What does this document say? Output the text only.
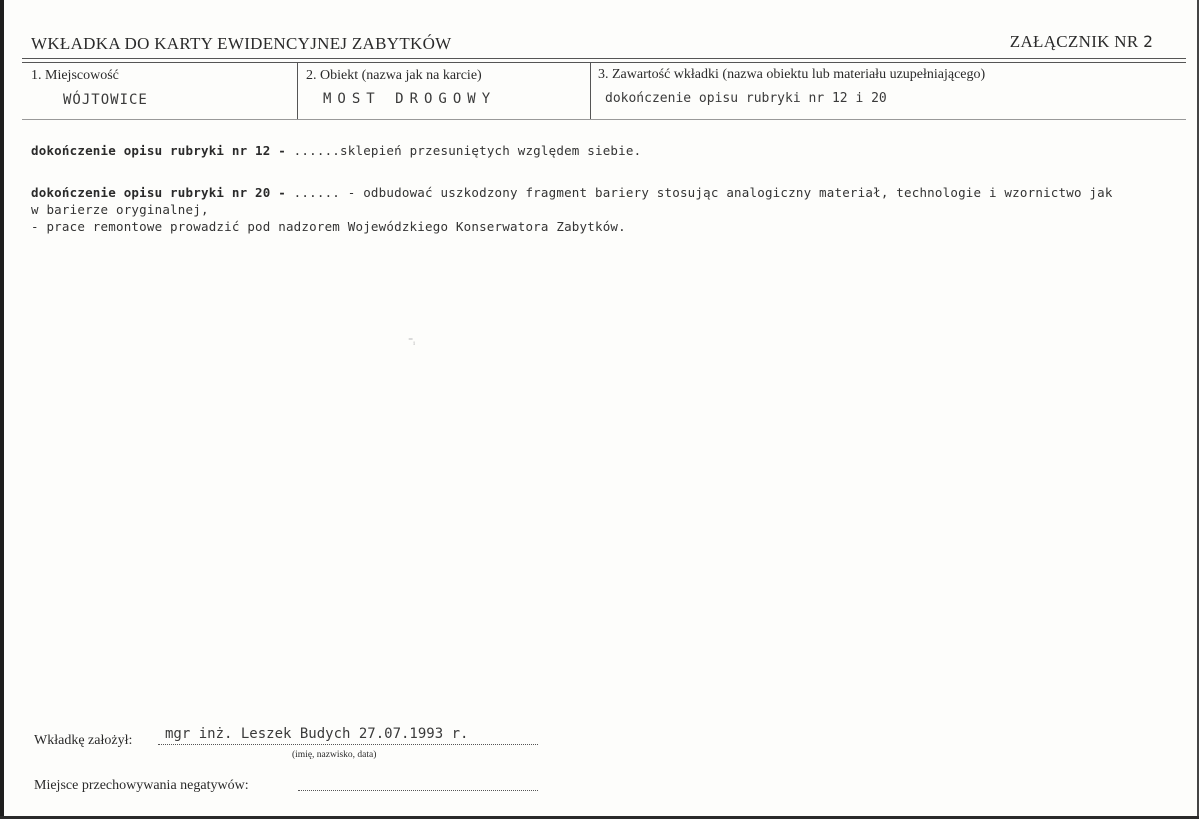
WKŁADKA DO KARTY EWIDENCYJNEJ ZABYTKÓW	ZAŁĄCZNIK NR 2
1. Miejscowość
WÓJTOWICE
2. Obiekt (nazwa jak na karcie)
MOST DROGOWY
3. Zawartość wkładki (nazwa obiektu lub materiału uzupełniającego)
dokończenie opisu rubryki nr 12 i 20
dokończenie opisu rubryki nr 12 - ......sklepień przesuniętych względem siebie.
dokończenie opisu rubryki nr 20 - ...... - odbudować uszkodzony fragment bariery stosując analogiczny materiał, technologie i wzornictwo jak
w barierze oryginalnej,
- prace remontowe prowadzić pod nadzorem Wojewódzkiego Konserwatora Zabytków.
⁼ᵢ
Wkładkę założył: mgr inż. Leszek Budych 27.07.1993 r.
(imię, nazwisko, data)
Miejsce przechowywania negatywów:
